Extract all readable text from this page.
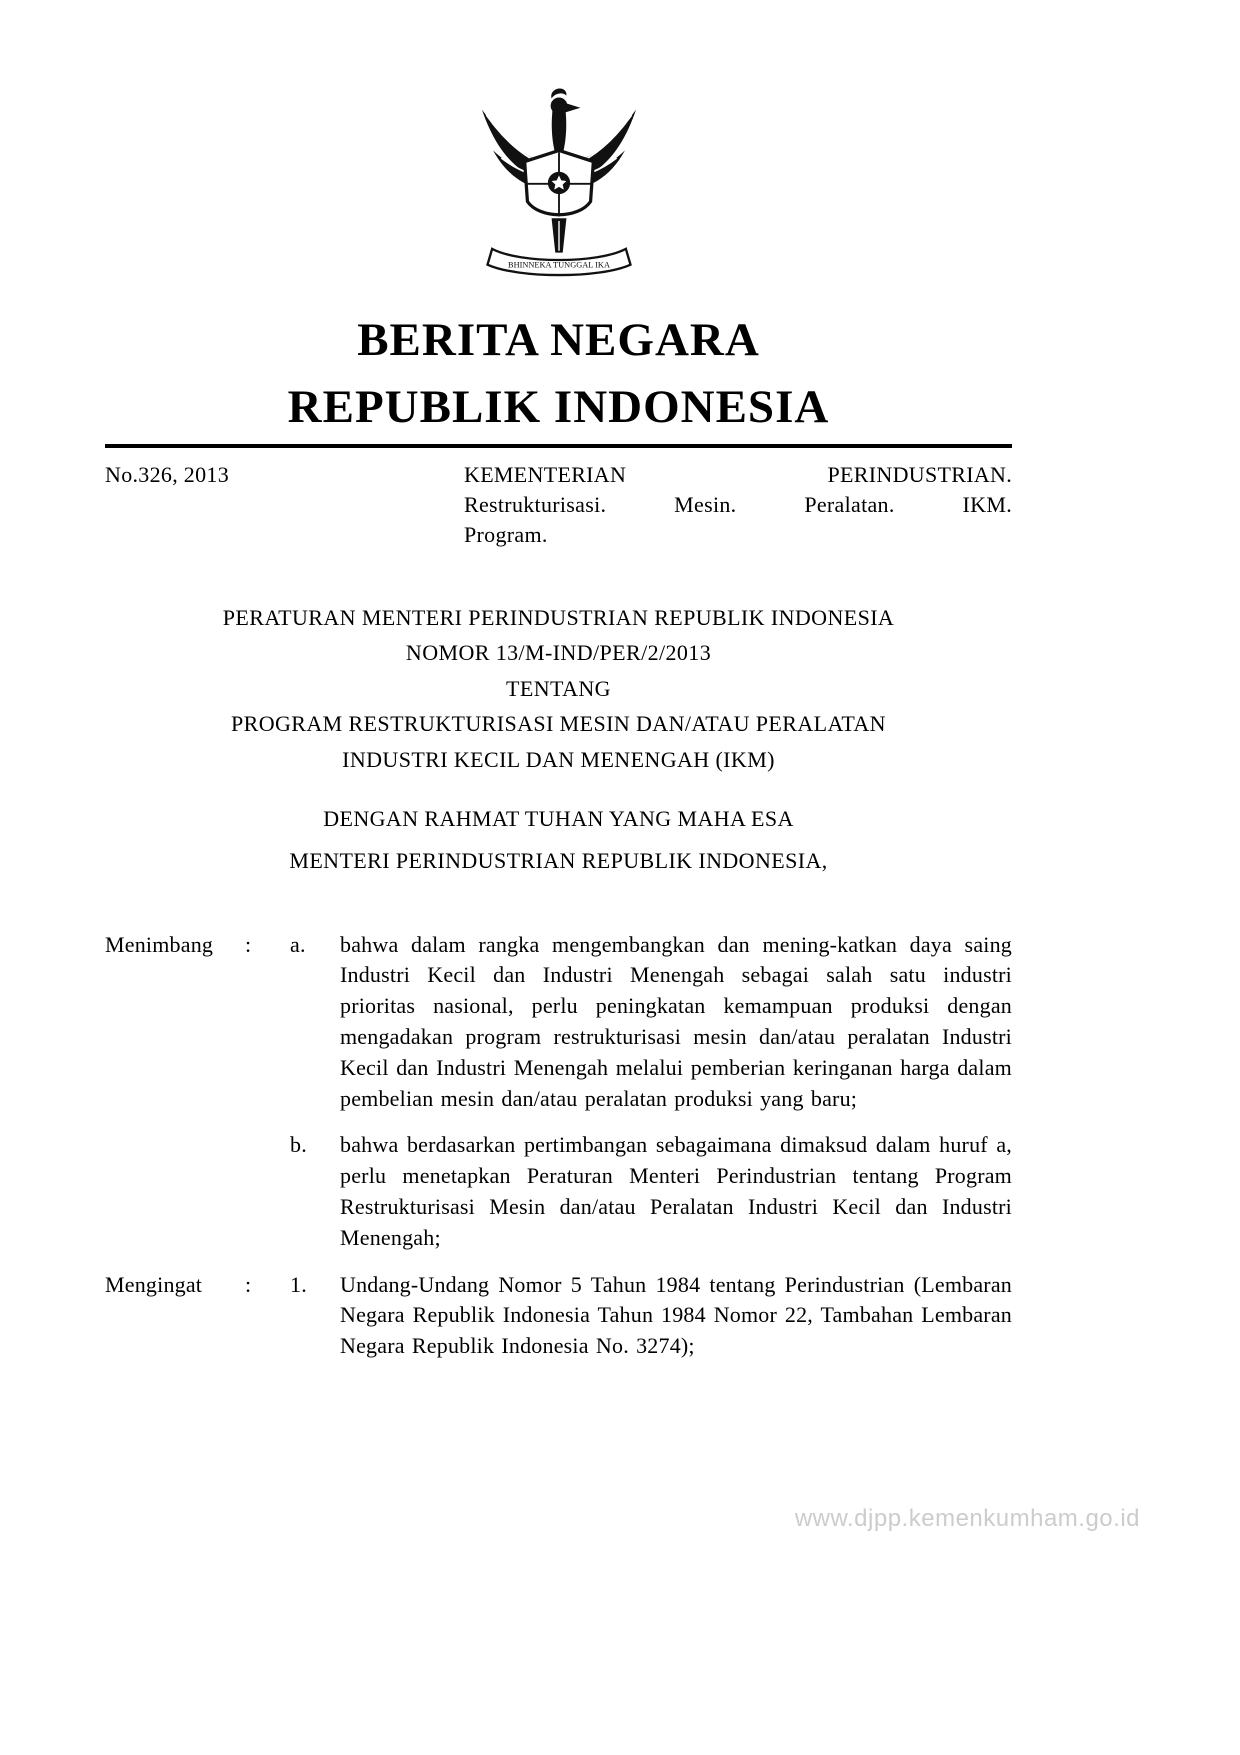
BHINNEKA TUNGGAL IKA
BERITA NEGARA
REPUBLIK INDONESIA
No.326, 2013	KEMENTERIAN PERINDUSTRIAN.
Restrukturisasi. Mesin. Peralatan. IKM.
Program.
PERATURAN MENTERI PERINDUSTRIAN REPUBLIK INDONESIA
NOMOR 13/M-IND/PER/2/2013
TENTANG
PROGRAM RESTRUKTURISASI MESIN DAN/ATAU PERALATAN
INDUSTRI KECIL DAN MENENGAH (IKM)
DENGAN RAHMAT TUHAN YANG MAHA ESA
MENTERI PERINDUSTRIAN REPUBLIK INDONESIA,
Menimbang	:	a.	bahwa dalam rangka mengembangkan dan mening-katkan daya saing Industri Kecil dan Industri Menengah sebagai salah satu industri prioritas nasional, perlu peningkatan kemampuan produksi dengan mengadakan program restrukturisasi mesin dan/atau peralatan Industri Kecil dan Industri Menengah melalui pemberian keringanan harga dalam pembelian mesin dan/atau peralatan produksi yang baru;
b.	bahwa berdasarkan pertimbangan sebagaimana dimaksud dalam huruf a, perlu menetapkan Peraturan Menteri Perindustrian tentang Program Restrukturisasi Mesin dan/atau Peralatan Industri Kecil dan Industri Menengah;
Mengingat	:	1.	Undang-Undang Nomor 5 Tahun 1984 tentang Perindustrian (Lembaran Negara Republik Indonesia Tahun 1984 Nomor 22, Tambahan Lembaran Negara Republik Indonesia No. 3274);
www.djpp.kemenkumham.go.id
